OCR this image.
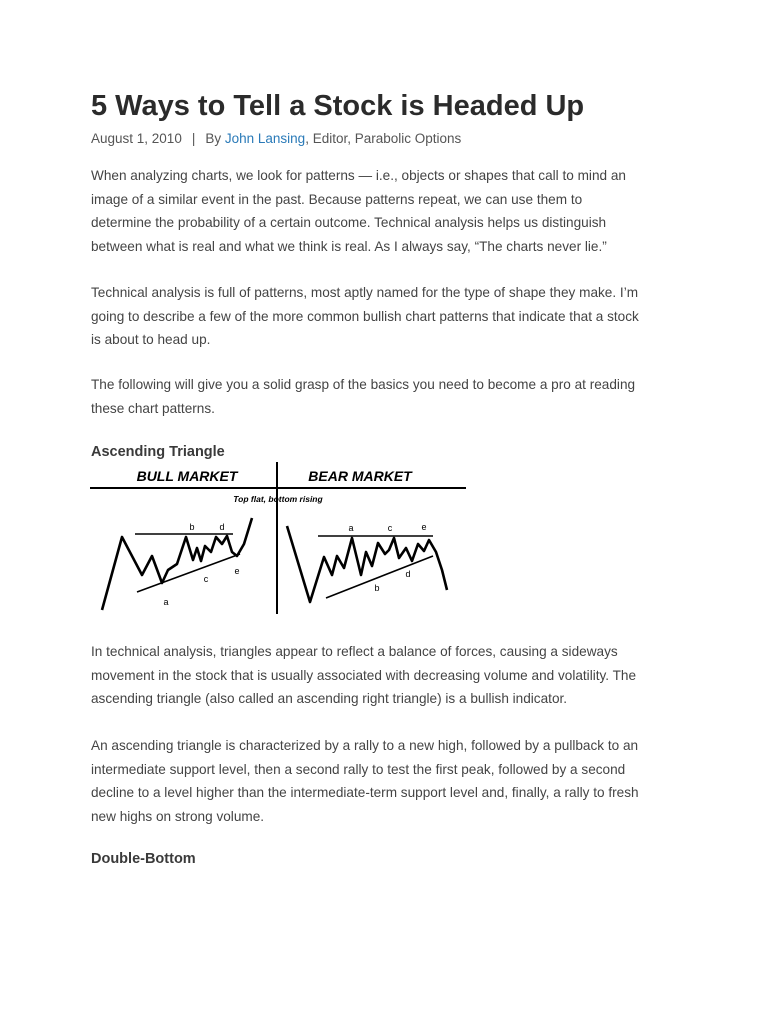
5 Ways to Tell a Stock is Headed Up

August 1, 2010 | By John Lansing, Editor, Parabolic Options

When analyzing charts, we look for patterns — i.e., objects or shapes that call to mind an
image of a similar event in the past. Because patterns repeat, we can use them to
determine the probability of a certain outcome. Technical analysis helps us distinguish
between what is real and what we think is real. As I always say, “The charts never lie.”

Technical analysis is full of patterns, most aptly named for the type of shape they make. I’m
going to describe a few of the more common bullish chart patterns that indicate that a stock
is about to head up.

The following will give you a solid grasp of the basics you need to become a pro at reading
these chart patterns.

Ascending Triangle
BULL MARKET	BEAR MARKET
Top flat, bottom rising
a
b
c
d
e
a
b
c
d
e

In technical analysis, triangles appear to reflect a balance of forces, causing a sideways
movement in the stock that is usually associated with decreasing volume and volatility. The
ascending triangle (also called an ascending right triangle) is a bullish indicator.

An ascending triangle is characterized by a rally to a new high, followed by a pullback to an
intermediate support level, then a second rally to test the first peak, followed by a second
decline to a level higher than the intermediate-term support level and, finally, a rally to fresh
new highs on strong volume.

Double-Bottom
